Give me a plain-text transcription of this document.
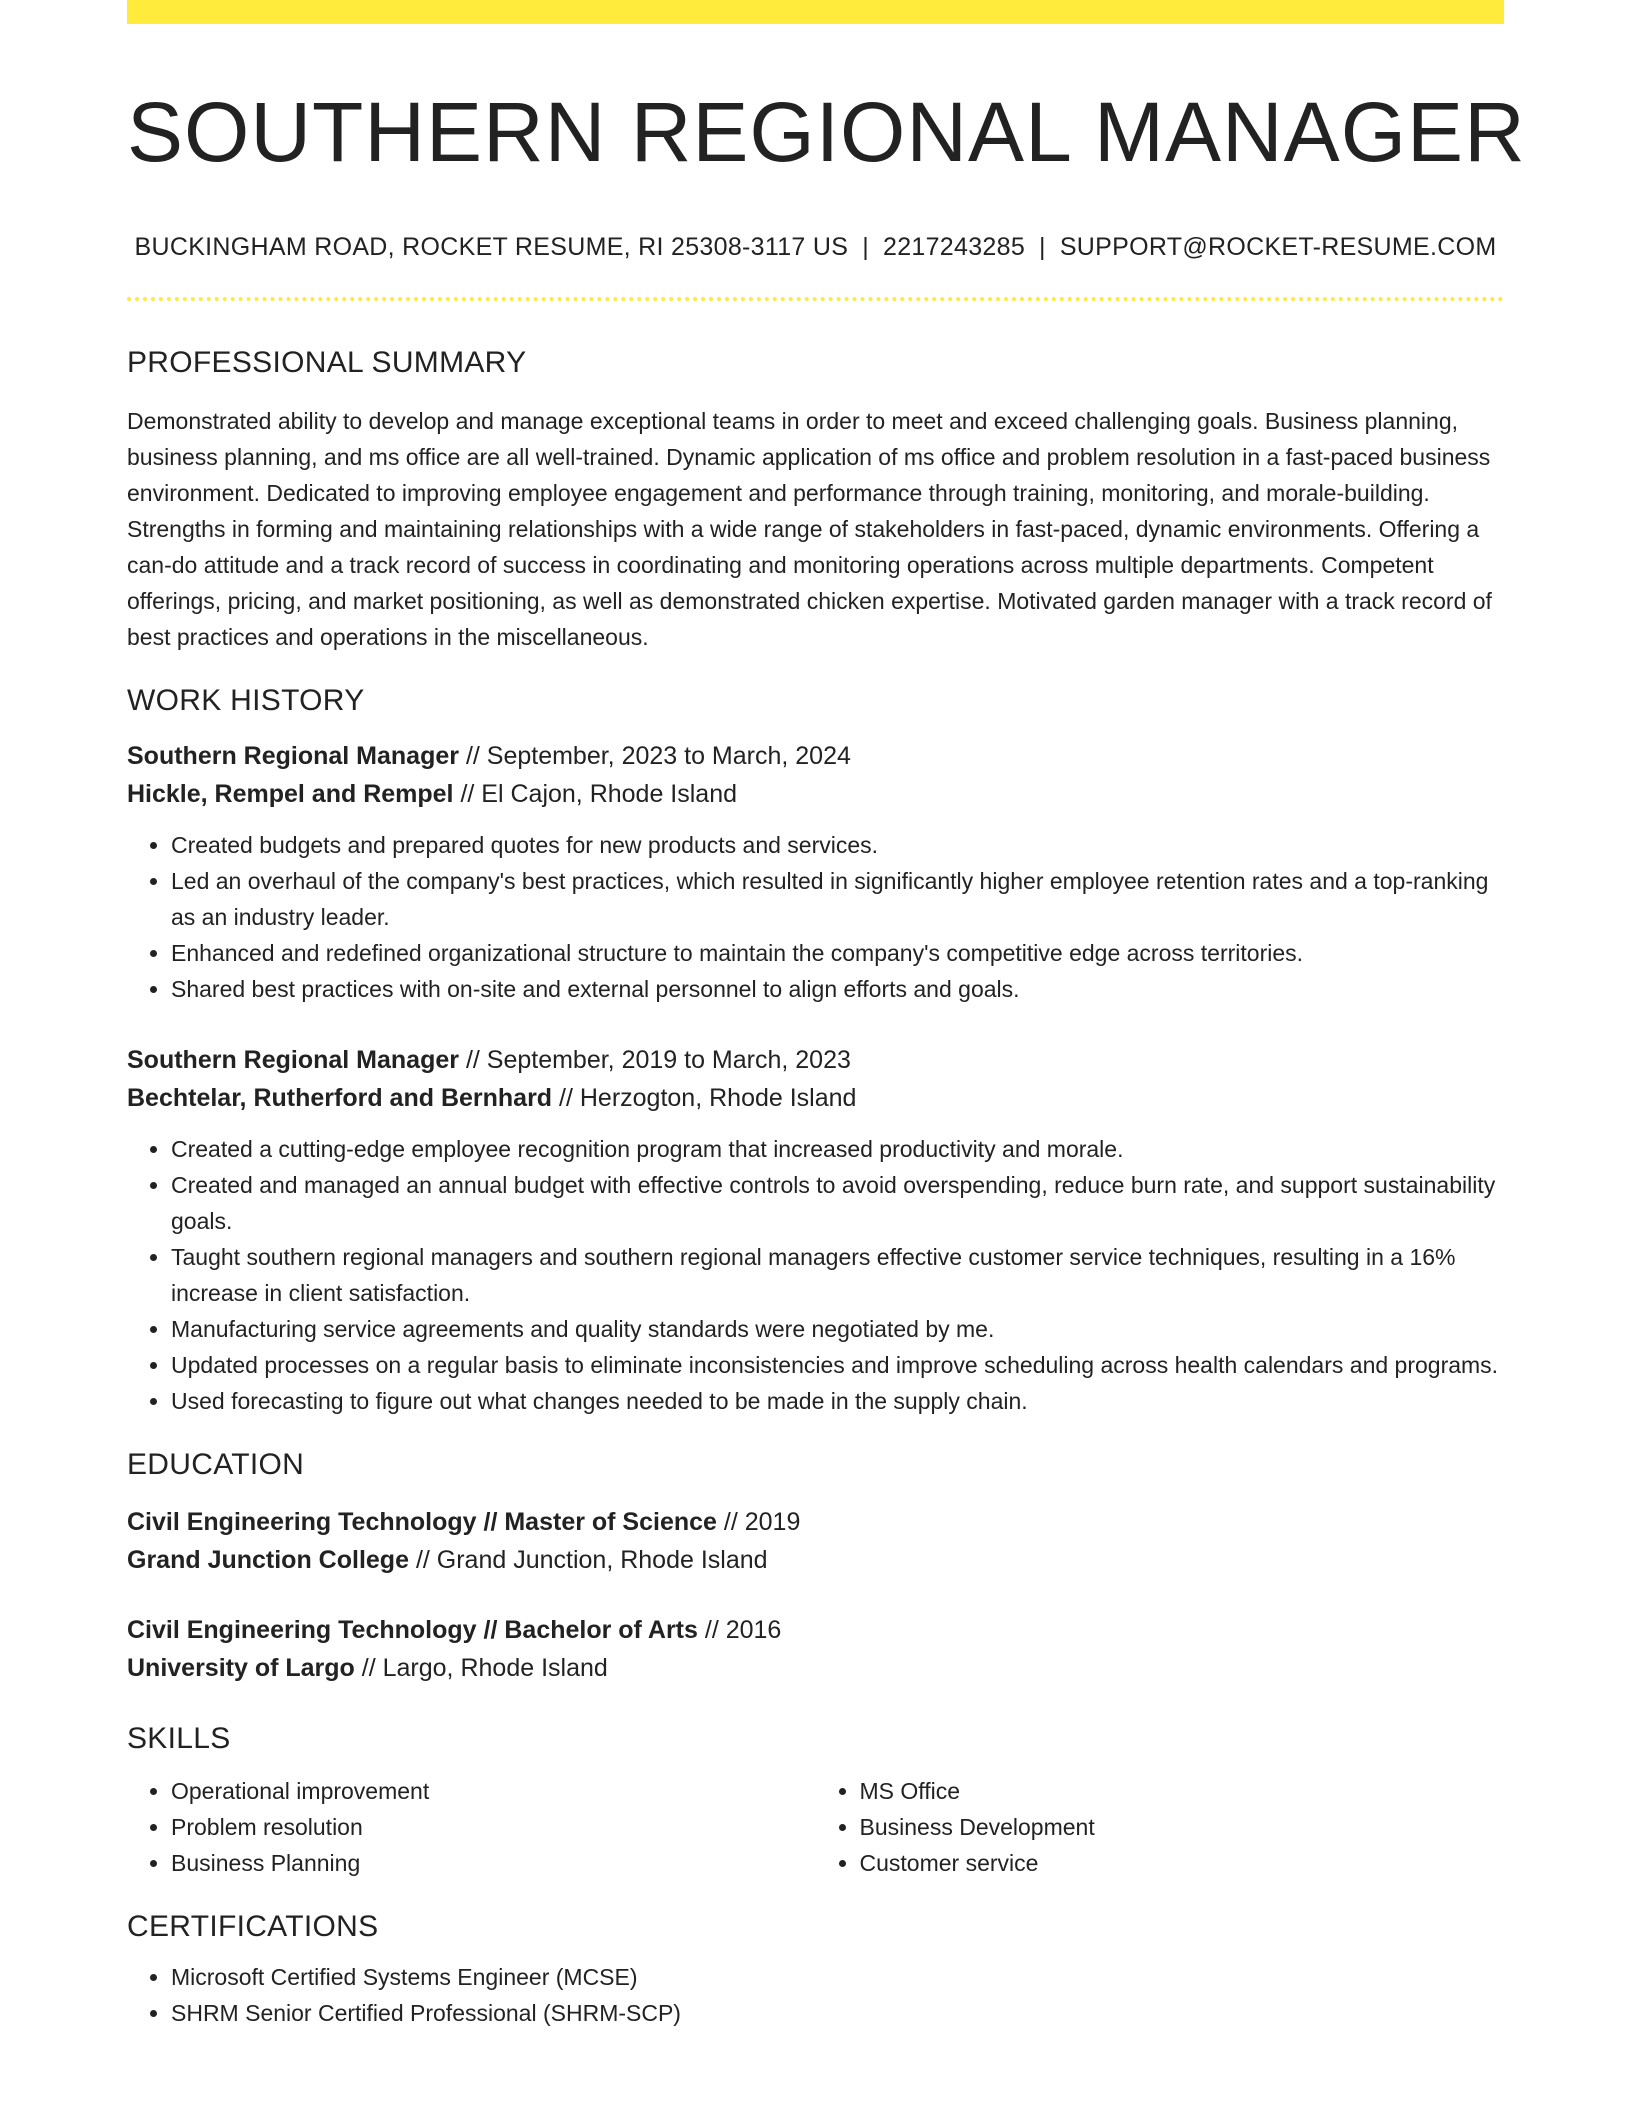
SOUTHERN REGIONAL MANAGER
BUCKINGHAM ROAD, ROCKET RESUME, RI 25308-3117 US | 2217243285 | SUPPORT@ROCKET-RESUME.COM
PROFESSIONAL SUMMARY

Demonstrated ability to develop and manage exceptional teams in order to meet and exceed challenging goals. Business planning, business planning, and ms office are all well-trained. Dynamic application of ms office and problem resolution in a fast-paced business environment. Dedicated to improving employee engagement and performance through training, monitoring, and morale-building. Strengths in forming and maintaining relationships with a wide range of stakeholders in fast-paced, dynamic environments. Offering a can-do attitude and a track record of success in coordinating and monitoring operations across multiple departments. Competent offerings, pricing, and market positioning, as well as demonstrated chicken expertise. Motivated garden manager with a track record of best practices and operations in the miscellaneous.

WORK HISTORY
Southern Regional Manager // September, 2023 to March, 2024
Hickle, Rempel and Rempel // El Cajon, Rhode Island
• Created budgets and prepared quotes for new products and services.
• Led an overhaul of the company's best practices, which resulted in significantly higher employee retention rates and a top-ranking as an industry leader.
• Enhanced and redefined organizational structure to maintain the company's competitive edge across territories.
• Shared best practices with on-site and external personnel to align efforts and goals.
Southern Regional Manager // September, 2019 to March, 2023
Bechtelar, Rutherford and Bernhard // Herzogton, Rhode Island
• Created a cutting-edge employee recognition program that increased productivity and morale.
• Created and managed an annual budget with effective controls to avoid overspending, reduce burn rate, and support sustainability goals.
• Taught southern regional managers and southern regional managers effective customer service techniques, resulting in a 16% increase in client satisfaction.
• Manufacturing service agreements and quality standards were negotiated by me.
• Updated processes on a regular basis to eliminate inconsistencies and improve scheduling across health calendars and programs.
• Used forecasting to figure out what changes needed to be made in the supply chain.
EDUCATION
Civil Engineering Technology // Master of Science // 2019
Grand Junction College // Grand Junction, Rhode Island
Civil Engineering Technology // Bachelor of Arts // 2016
University of Largo // Largo, Rhode Island
SKILLS
• Operational improvement
• Problem resolution
• Business Planning
• MS Office
• Business Development
• Customer service
CERTIFICATIONS
• Microsoft Certified Systems Engineer (MCSE)
• SHRM Senior Certified Professional (SHRM-SCP)
